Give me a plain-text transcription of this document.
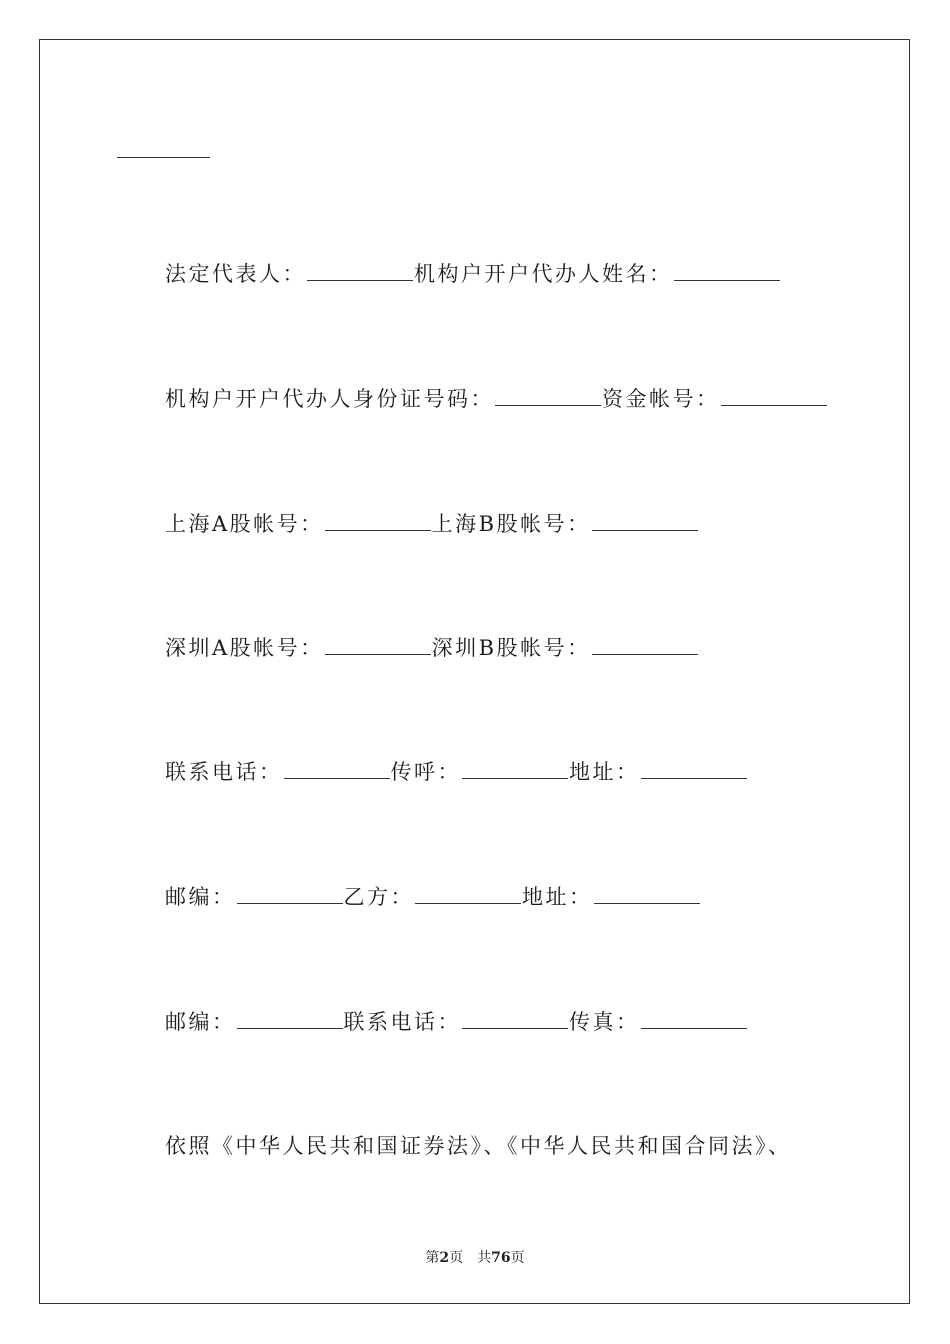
法定代表人：	机构户开户代办人姓名：
机构户开户代办人身份证号码：	资金帐号：
上海A股帐号：	上海B股帐号：
深圳A股帐号：	深圳B股帐号：
联系电话：	传呼：	地址：
邮编：	乙方：	地址：
邮编：	联系电话：	传真：
依照《中华人民共和国证券法》、《中华人民共和国合同法》、
第2页 共76页
